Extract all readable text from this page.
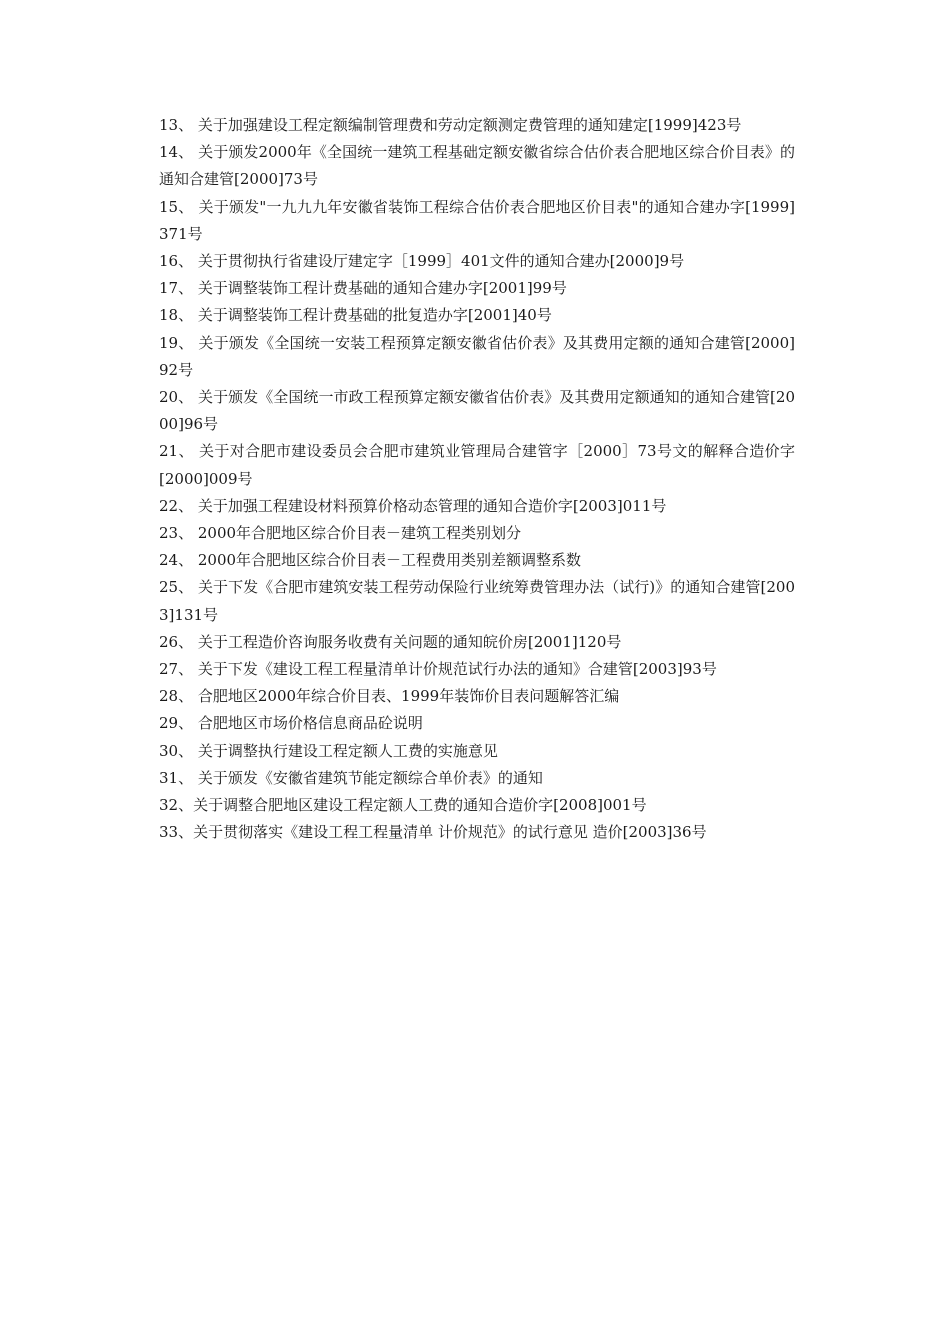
13、 关于加强建设工程定额编制管理费和劳动定额测定费管理的通知建定[1999]423号
14、 关于颁发2000年《全国统一建筑工程基础定额安徽省综合估价表合肥地区综合价目表》的通知合建管[2000]73号
15、 关于颁发"一九九九年安徽省装饰工程综合估价表合肥地区价目表"的通知合建办字[1999]371号
16、 关于贯彻执行省建设厅建定字［1999］401文件的通知合建办[2000]9号
17、 关于调整装饰工程计费基础的通知合建办字[2001]99号
18、 关于调整装饰工程计费基础的批复造办字[2001]40号
19、 关于颁发《全国统一安装工程预算定额安徽省估价表》及其费用定额的通知合建管[2000]92号
20、 关于颁发《全国统一市政工程预算定额安徽省估价表》及其费用定额通知的通知合建管[2000]96号
21、 关于对合肥市建设委员会合肥市建筑业管理局合建管字［2000］73号文的解释合造价字[2000]009号
22、 关于加强工程建设材料预算价格动态管理的通知合造价字[2003]011号
23、 2000年合肥地区综合价目表－建筑工程类别划分
24、 2000年合肥地区综合价目表－工程费用类别差额调整系数
25、 关于下发《合肥市建筑安装工程劳动保险行业统筹费管理办法（试行)》的通知合建管[2003]131号
26、 关于工程造价咨询服务收费有关问题的通知皖价房[2001]120号
27、 关于下发《建设工程工程量清单计价规范试行办法的通知》合建管[2003]93号
28、 合肥地区2000年综合价目表、1999年装饰价目表问题解答汇编
29、 合肥地区市场价格信息商品砼说明
30、 关于调整执行建设工程定额人工费的实施意见
31、 关于颁发《安徽省建筑节能定额综合单价表》的通知
32、关于调整合肥地区建设工程定额人工费的通知合造价字[2008]001号
33、关于贯彻落实《建设工程工程量清单 计价规范》的试行意见 造价[2003]36号
